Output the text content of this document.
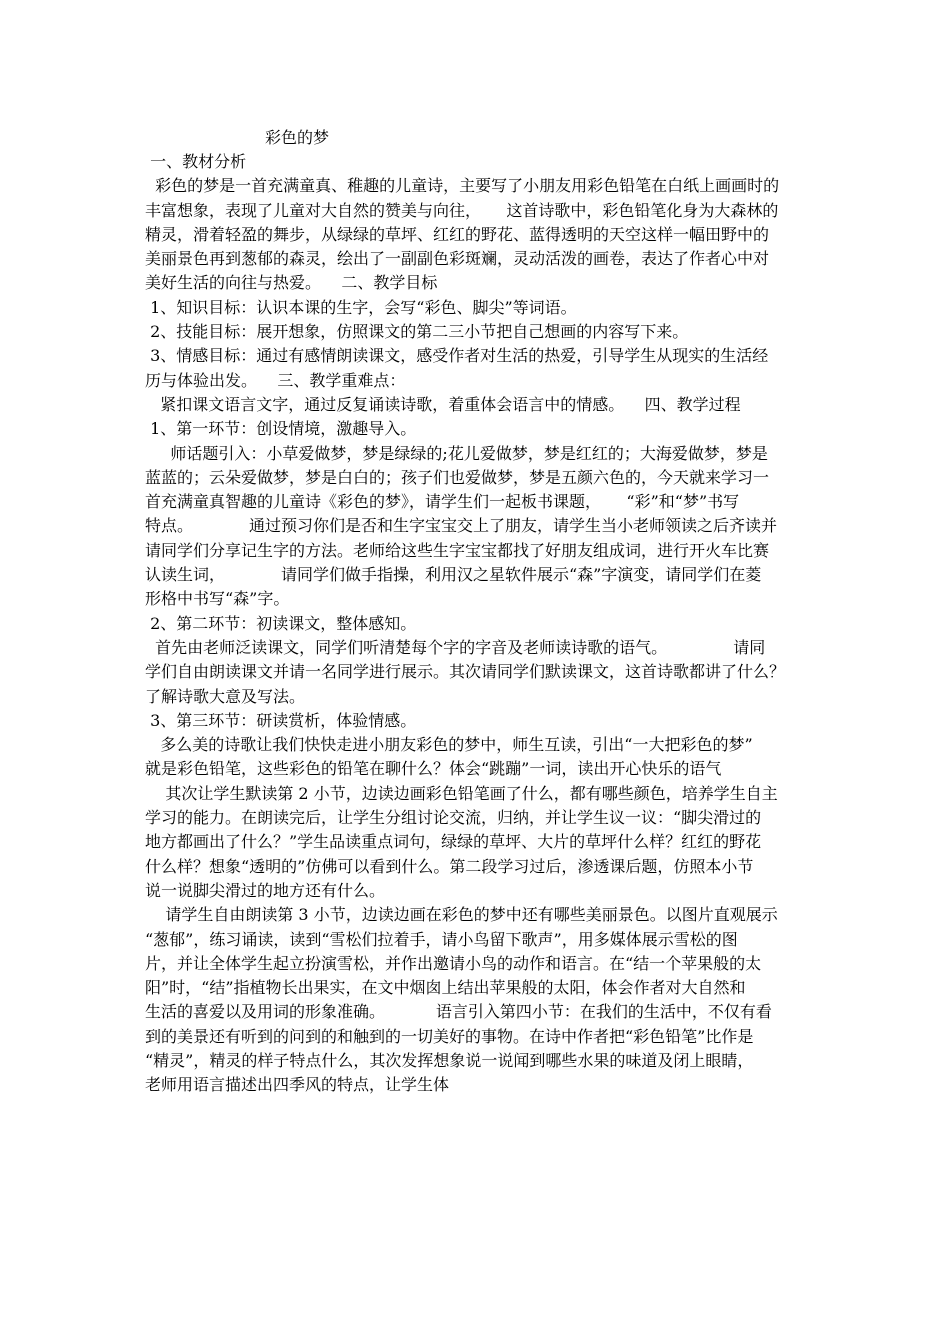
彩色的梦
一、教材分析
彩色的梦是一首充满童真、稚趣的儿童诗，主要写了小朋友用彩色铅笔在白纸上画画时的
丰富想象，表现了儿童对大自然的赞美与向往，     这首诗歌中，彩色铅笔化身为大森林的
精灵，滑着轻盈的舞步，从绿绿的草坪、红红的野花、蓝得透明的天空这样一幅田野中的
美丽景色再到葱郁的森灵，绘出了一副副色彩斑斓，灵动活泼的画卷，表达了作者心中对
美好生活的向往与热爱。    二、教学目标
1、知识目标：认识本课的生字，会写“彩色、脚尖”等词语。
2、技能目标：展开想象，仿照课文的第二三小节把自己想画的内容写下来。
3、情感目标：通过有感情朗读课文，感受作者对生活的热爱，引导学生从现实的生活经
历与体验出发。    三、教学重难点：
紧扣课文语言文字，通过反复诵读诗歌，着重体会语言中的情感。    四、教学过程
1、第一环节：创设情境，激趣导入。
师话题引入：小草爱做梦，梦是绿绿的;花儿爱做梦，梦是红红的；大海爱做梦，梦是
蓝蓝的；云朵爱做梦，梦是白白的；孩子们也爱做梦，梦是五颜六色的，今天就来学习一
首充满童真智趣的儿童诗《彩色的梦》，请学生们一起板书课题，     “彩”和“梦”书写
特点。           通过预习你们是否和生字宝宝交上了朋友，请学生当小老师领读之后齐读并
请同学们分享记生字的方法。老师给这些生字宝宝都找了好朋友组成词，进行开火车比赛
认读生词，           请同学们做手指操，利用汉之星软件展示“森”字演变，请同学们在菱
形格中书写“森”字。
2、第二环节：初读课文，整体感知。
首先由老师泛读课文，同学们听清楚每个字的字音及老师读诗歌的语气。             请同
学们自由朗读课文并请一名同学进行展示。其次请同学们默读课文，这首诗歌都讲了什么？
了解诗歌大意及写法。
3、第三环节：研读赏析，体验情感。
多么美的诗歌让我们快快走进小朋友彩色的梦中，师生互读，引出“一大把彩色的梦”
就是彩色铅笔，这些彩色的铅笔在聊什么？体会“跳蹦”一词，读出开心快乐的语气
其次让学生默读第 2 小节，边读边画彩色铅笔画了什么，都有哪些颜色，培养学生自主
学习的能力。在朗读完后，让学生分组讨论交流，归纳，并让学生议一议：“脚尖滑过的
地方都画出了什么？”学生品读重点词句，绿绿的草坪、大片的草坪什么样？红红的野花
什么样？想象“透明的”仿佛可以看到什么。第二段学习过后，渗透课后题，仿照本小节
说一说脚尖滑过的地方还有什么。
请学生自由朗读第 3 小节，边读边画在彩色的梦中还有哪些美丽景色。以图片直观展示
“葱郁”，练习诵读，读到“雪松们拉着手，请小鸟留下歌声”，用多媒体展示雪松的图
片，并让全体学生起立扮演雪松，并作出邀请小鸟的动作和语言。在“结一个苹果般的太
阳”时，“结”指植物长出果实，在文中烟囱上结出苹果般的太阳，体会作者对大自然和
生活的喜爱以及用词的形象准确。          语言引入第四小节：在我们的生活中，不仅有看
到的美景还有听到的问到的和触到的一切美好的事物。在诗中作者把“彩色铅笔”比作是
“精灵”，精灵的样子特点什么，其次发挥想象说一说闻到哪些水果的味道及闭上眼睛，
老师用语言描述出四季风的特点，让学生体
